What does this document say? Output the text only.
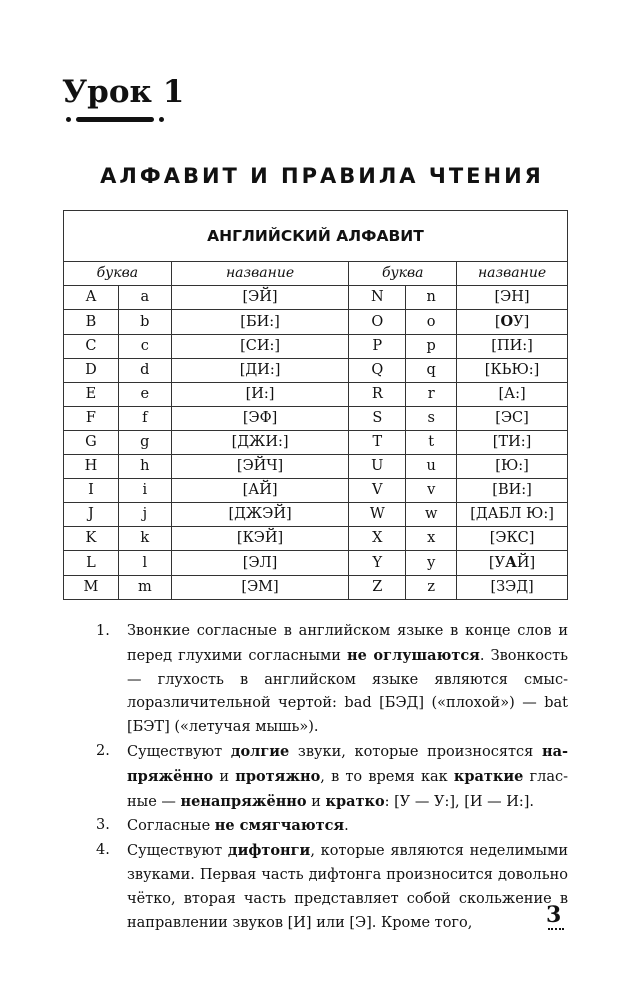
Урок 1
АЛФАВИТ И ПРАВИЛА ЧТЕНИЯ
АНГЛИЙСКИЙ АЛФАВИТ					
буква		название	буква		название
A	a	[ЭЙ]	N	n	[ЭН]
B	b	[БИ:]	O	o	[ОУ]
C	c	[СИ:]	P	p	[ПИ:]
D	d	[ДИ:]	Q	q	[КЬЮ:]
E	e	[И:]	R	r	[А:]
F	f	[ЭФ]	S	s	[ЭС]
G	g	[ДЖИ:]	T	t	[ТИ:]
H	h	[ЭЙЧ]	U	u	[Ю:]
I	i	[АЙ]	V	v	[ВИ:]
J	j	[ДЖЭЙ]	W	w	[ДАБЛ Ю:]
K	k	[КЭЙ]	X	x	[ЭКС]
L	l	[ЭЛ]	Y	y	[УАЙ]
M	m	[ЭМ]	Z	z	[ЗЭД]
1. Звонкие согласные в английском языке в конце слов и перед глухими согласными не оглушаются. Звонкость — глухость в английском языке являются смыслоразличительной чертой: bad [БЭД] («плохой») — bat [БЭТ] («летучая мышь»).
2. Существуют долгие звуки, которые произносятся напряжённо и протяжно, в то время как краткие гласные — ненапряжённо и кратко: [У — У:], [И — И:].
3. Согласные не смягчаются.
4. Существуют дифтонги, которые являются неделимыми звуками. Первая часть дифтонга произносится довольно чётко, вторая часть представляет собой скольжение в направлении звуков [И] или [Э]. Кроме того,	3
